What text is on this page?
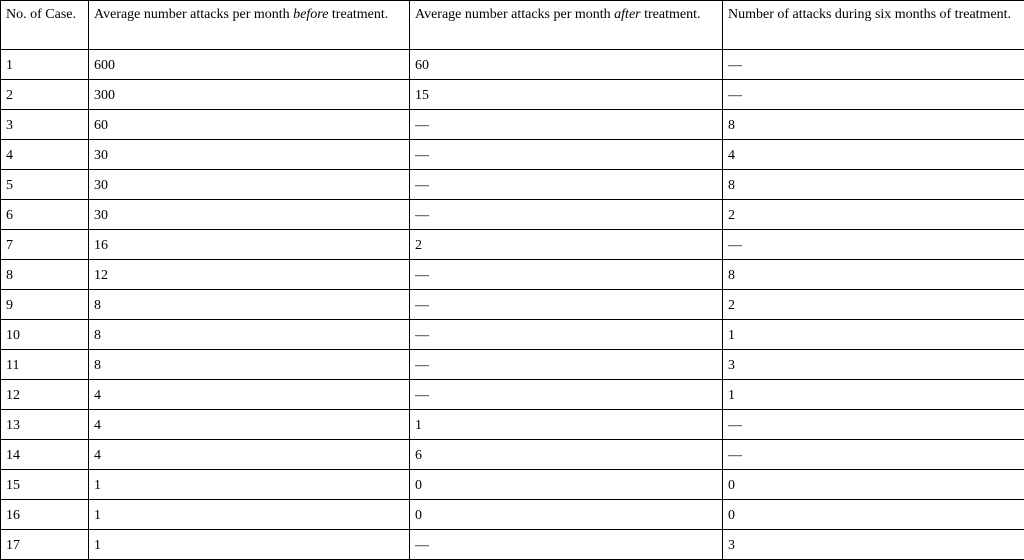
No. of Case.	Average number attacks per month before treatment.	Average number attacks per month after treatment.	Number of attacks during six months of treatment.
1	600	60	—
2	300	15	—
3	60	—	8
4	30	—	4
5	30	—	8
6	30	—	2
7	16	2	—
8	12	—	8
9	8	—	2
10	8	—	1
11	8	—	3
12	4	—	1
13	4	1	—
14	4	6	—
15	1	0	0
16	1	0	0
17	1	—	3
